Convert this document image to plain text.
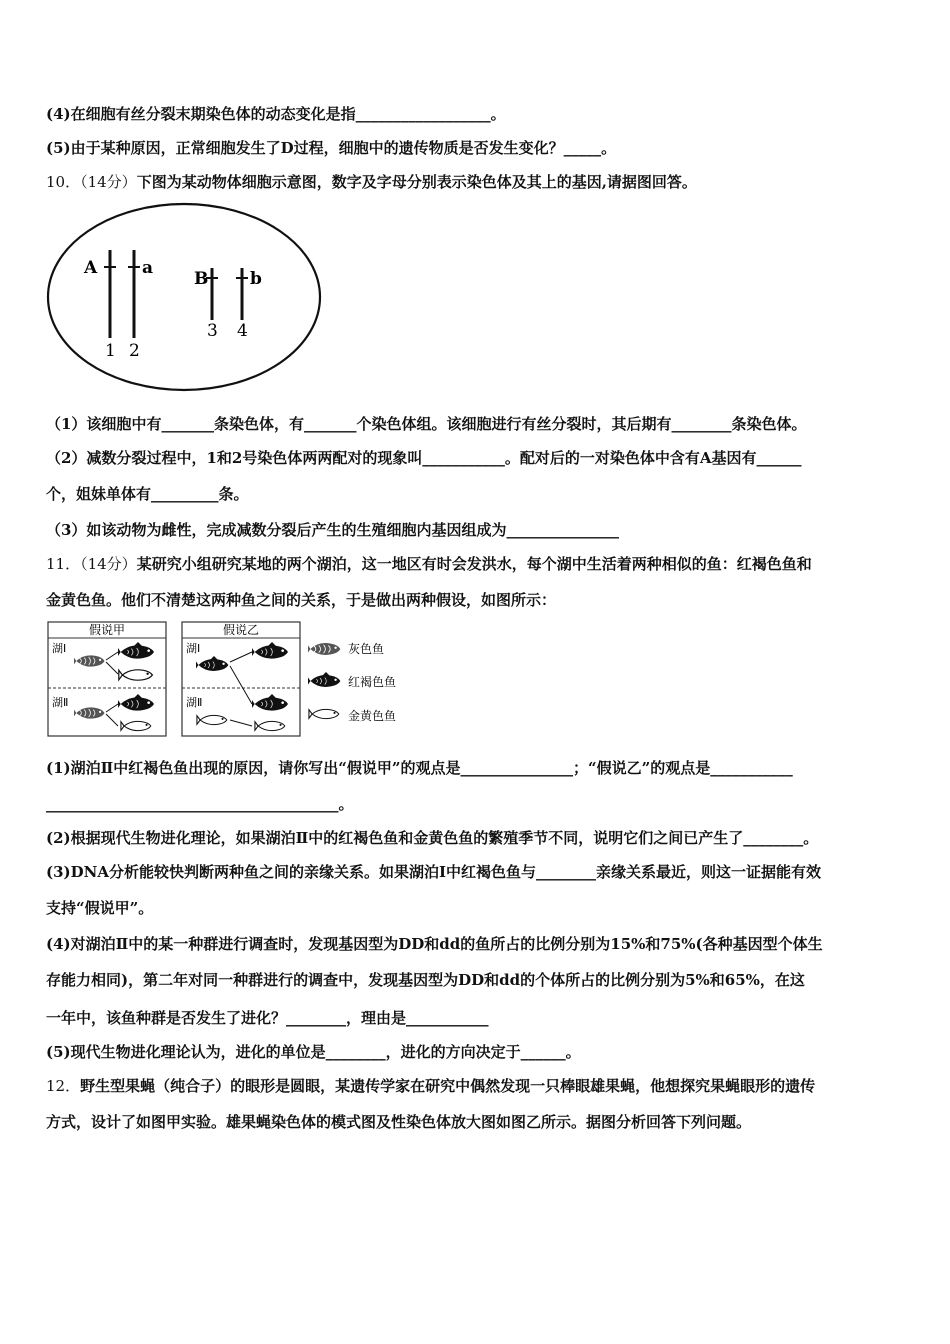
(4)在细胞有丝分裂末期染色体的动态变化是指__________________。
(5)由于某种原因，正常细胞发生了D过程，细胞中的遗传物质是否发生变化？_____。
10．（14分）下图为某动物体细胞示意图，数字及字母分别表示染色体及其上的基因,请据图回答。
A	a
B b
1 2
3 4
（1）该细胞中有_______条染色体，有_______个染色体组。该细胞进行有丝分裂时，其后期有________条染色体。
（2）减数分裂过程中，1和2号染色体两两配对的现象叫___________。配对后的一对染色体中含有A基因有______
个，姐妹单体有_________条。
（3）如该动物为雌性，完成减数分裂后产生的生殖细胞内基因组成为_______________
11．（14分）某研究小组研究某地的两个湖泊，这一地区有时会发洪水，每个湖中生活着两种相似的鱼：红褐色鱼和
金黄色鱼。他们不清楚这两种鱼之间的关系，于是做出两种假设，如图所示：
假说甲
湖Ⅰ
湖Ⅱ
假说乙
湖Ⅰ
湖Ⅱ
灰色鱼
红褐色鱼
金黄色鱼
(1)湖泊Ⅱ中红褐色鱼出现的原因，请你写出“假说甲”的观点是_______________；“假说乙”的观点是___________
_______________________________________。
(2)根据现代生物进化理论，如果湖泊Ⅱ中的红褐色鱼和金黄色鱼的繁殖季节不同，说明它们之间已产生了________。
(3)DNA分析能较快判断两种鱼之间的亲缘关系。如果湖泊Ⅰ中红褐色鱼与________亲缘关系最近，则这一证据能有效
支持“假说甲”。
(4)对湖泊Ⅱ中的某一种群进行调查时，发现基因型为DD和dd的鱼所占的比例分别为15%和75%(各种基因型个体生
存能力相同)，第二年对同一种群进行的调查中，发现基因型为DD和dd的个体所占的比例分别为5%和65%，在这
一年中，该鱼种群是否发生了进化？________，理由是___________
(5)现代生物进化理论认为，进化的单位是________，进化的方向决定于______。
12．野生型果蝇（纯合子）的眼形是圆眼，某遗传学家在研究中偶然发现一只棒眼雄果蝇，他想探究果蝇眼形的遗传
方式，设计了如图甲实验。雄果蝇染色体的模式图及性染色体放大图如图乙所示。据图分析回答下列问题。
